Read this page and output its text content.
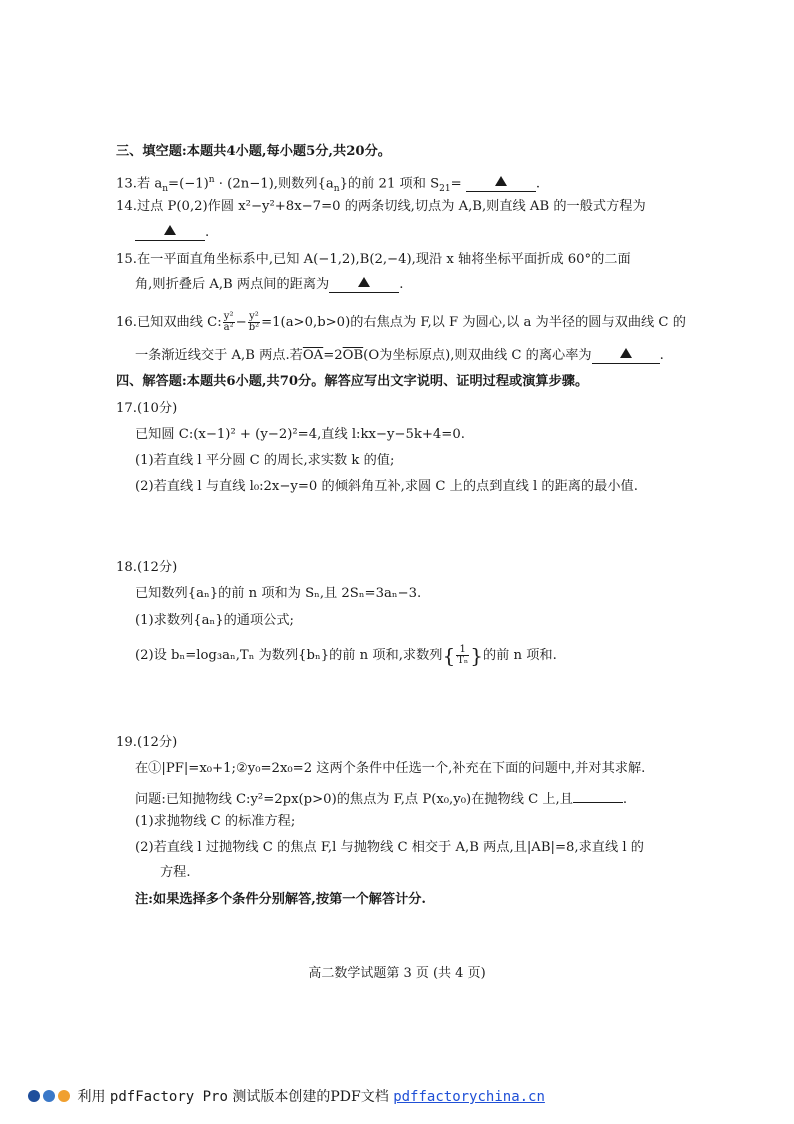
三、填空题:本题共4小题,每小题5分,共20分。
13.若 $a_n=(-1)^n \cdot (2n-1)$,则数列$\{a_n\}$的前 21 项和 $S_{21}=$	.
14.过点 P(0,2)作圆 x²−y²+8x−7=0 的两条切线,切点为 A,B,则直线 AB 的一般式方程为
.
15.在一平面直角坐标系中,已知 A(−1,2),B(2,−4),现沿 x 轴将坐标平面折成 60°的二面
角,则折叠后 A,B 两点间的距离为	.
16.已知双曲线 C: $\frac{\text{y²}}{\text{a²}} - \frac{\text{y²}}{\text{b²}} =1(a>0,b>0)$的右焦点为 F,以 F 为圆心,以 a 为半径的圆与双曲线 C 的
一条渐近线交于 A,B 两点.若$\overline{OA}=2\overline{OB}(O$为坐标原点),则双曲线 C 的离心率为	.
四、解答题:本题共6小题,共70分。解答应写出文字说明、证明过程或演算步骤。
17.(10分)
已知圆 C:(x−1)² + (y−2)²=4,直线 l:kx−y−5k+4=0.
(1)若直线 l 平分圆 C 的周长,求实数 k 的值;
(2)若直线 l 与直线 l₀:2x−y=0 的倾斜角互补,求圆 C 上的点到直线 l 的距离的最小值.
18.(12分)
已知数列{aₙ}的前 n 项和为 Sₙ,且 2Sₙ=3aₙ−3.
(1)求数列{aₙ}的通项公式;
(2)设 bₙ=log₃aₙ,Tₙ 为数列{bₙ}的前 n 项和,求数列{ $\frac{1}{\text{Tₙ}}$ }的前 n 项和.
19.(12分)
在①|PF|=x₀+1;②y₀=2x₀=2 这两个条件中任选一个,补充在下面的问题中,并对其求解.
问题:已知抛物线 C:y²=2px(p>0)的焦点为 F,点 P(x₀,y₀)在抛物线 C 上,且	.
(1)求抛物线 C 的标准方程;
(2)若直线 l 过抛物线 C 的焦点 F,l 与抛物线 C 相交于 A,B 两点,且|AB|=8,求直线 l 的
方程.
注:如果选择多个条件分别解答,按第一个解答计分.
高二数学试题第 3 页 (共 4 页)
利用 pdfFactory Pro 测试版本创建的PDF文档 pdffactorychina.cn
